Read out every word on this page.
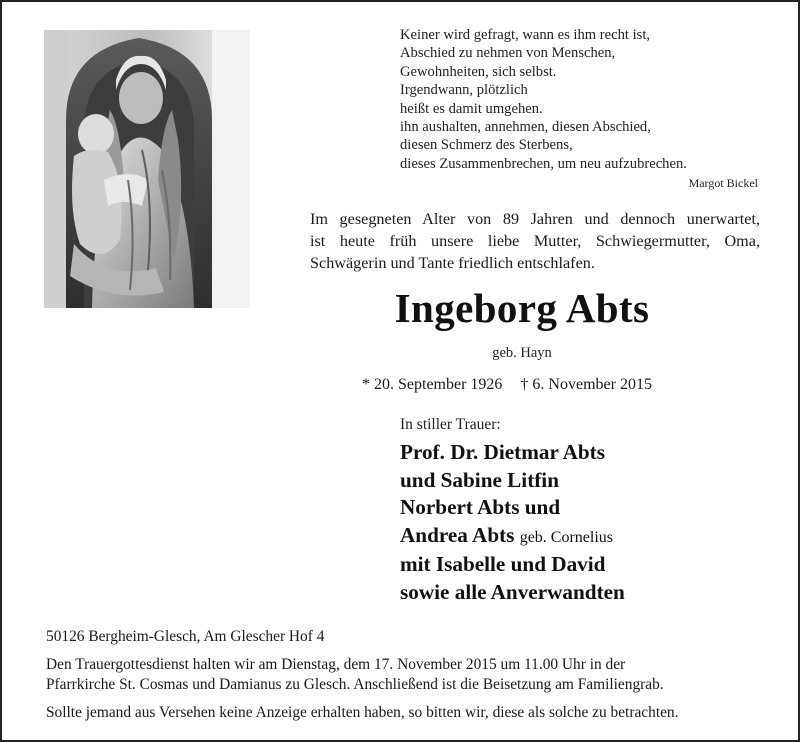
Keiner wird gefragt, wann es ihm recht ist,
Abschied zu nehmen von Menschen,
Gewohnheiten, sich selbst.
Irgendwann, plötzlich
heißt es damit umgehen.
ihn aushalten, annehmen, diesen Abschied,
diesen Schmerz des Sterbens,
dieses Zusammenbrechen, um neu aufzubrechen.
Margot Bickel
Im gesegneten Alter von 89 Jahren und dennoch unerwartet,
ist heute früh unsere liebe Mutter, Schwiegermutter, Oma,
Schwägerin und Tante friedlich entschlafen.
Ingeborg Abts
geb. Hayn
* 20. September 1926 † 6. November 2015
In stiller Trauer:
Prof. Dr. Dietmar Abts
und Sabine Litfin
Norbert Abts und
Andrea Abts geb. Cornelius
mit Isabelle und David
sowie alle Anverwandten
50126 Bergheim-Glesch, Am Glescher Hof 4
Den Trauergottesdienst halten wir am Dienstag, dem 17. November 2015 um 11.00 Uhr in der
Pfarrkirche St. Cosmas und Damianus zu Glesch. Anschließend ist die Beisetzung am Familiengrab.
Sollte jemand aus Versehen keine Anzeige erhalten haben, so bitten wir, diese als solche zu betrachten.
